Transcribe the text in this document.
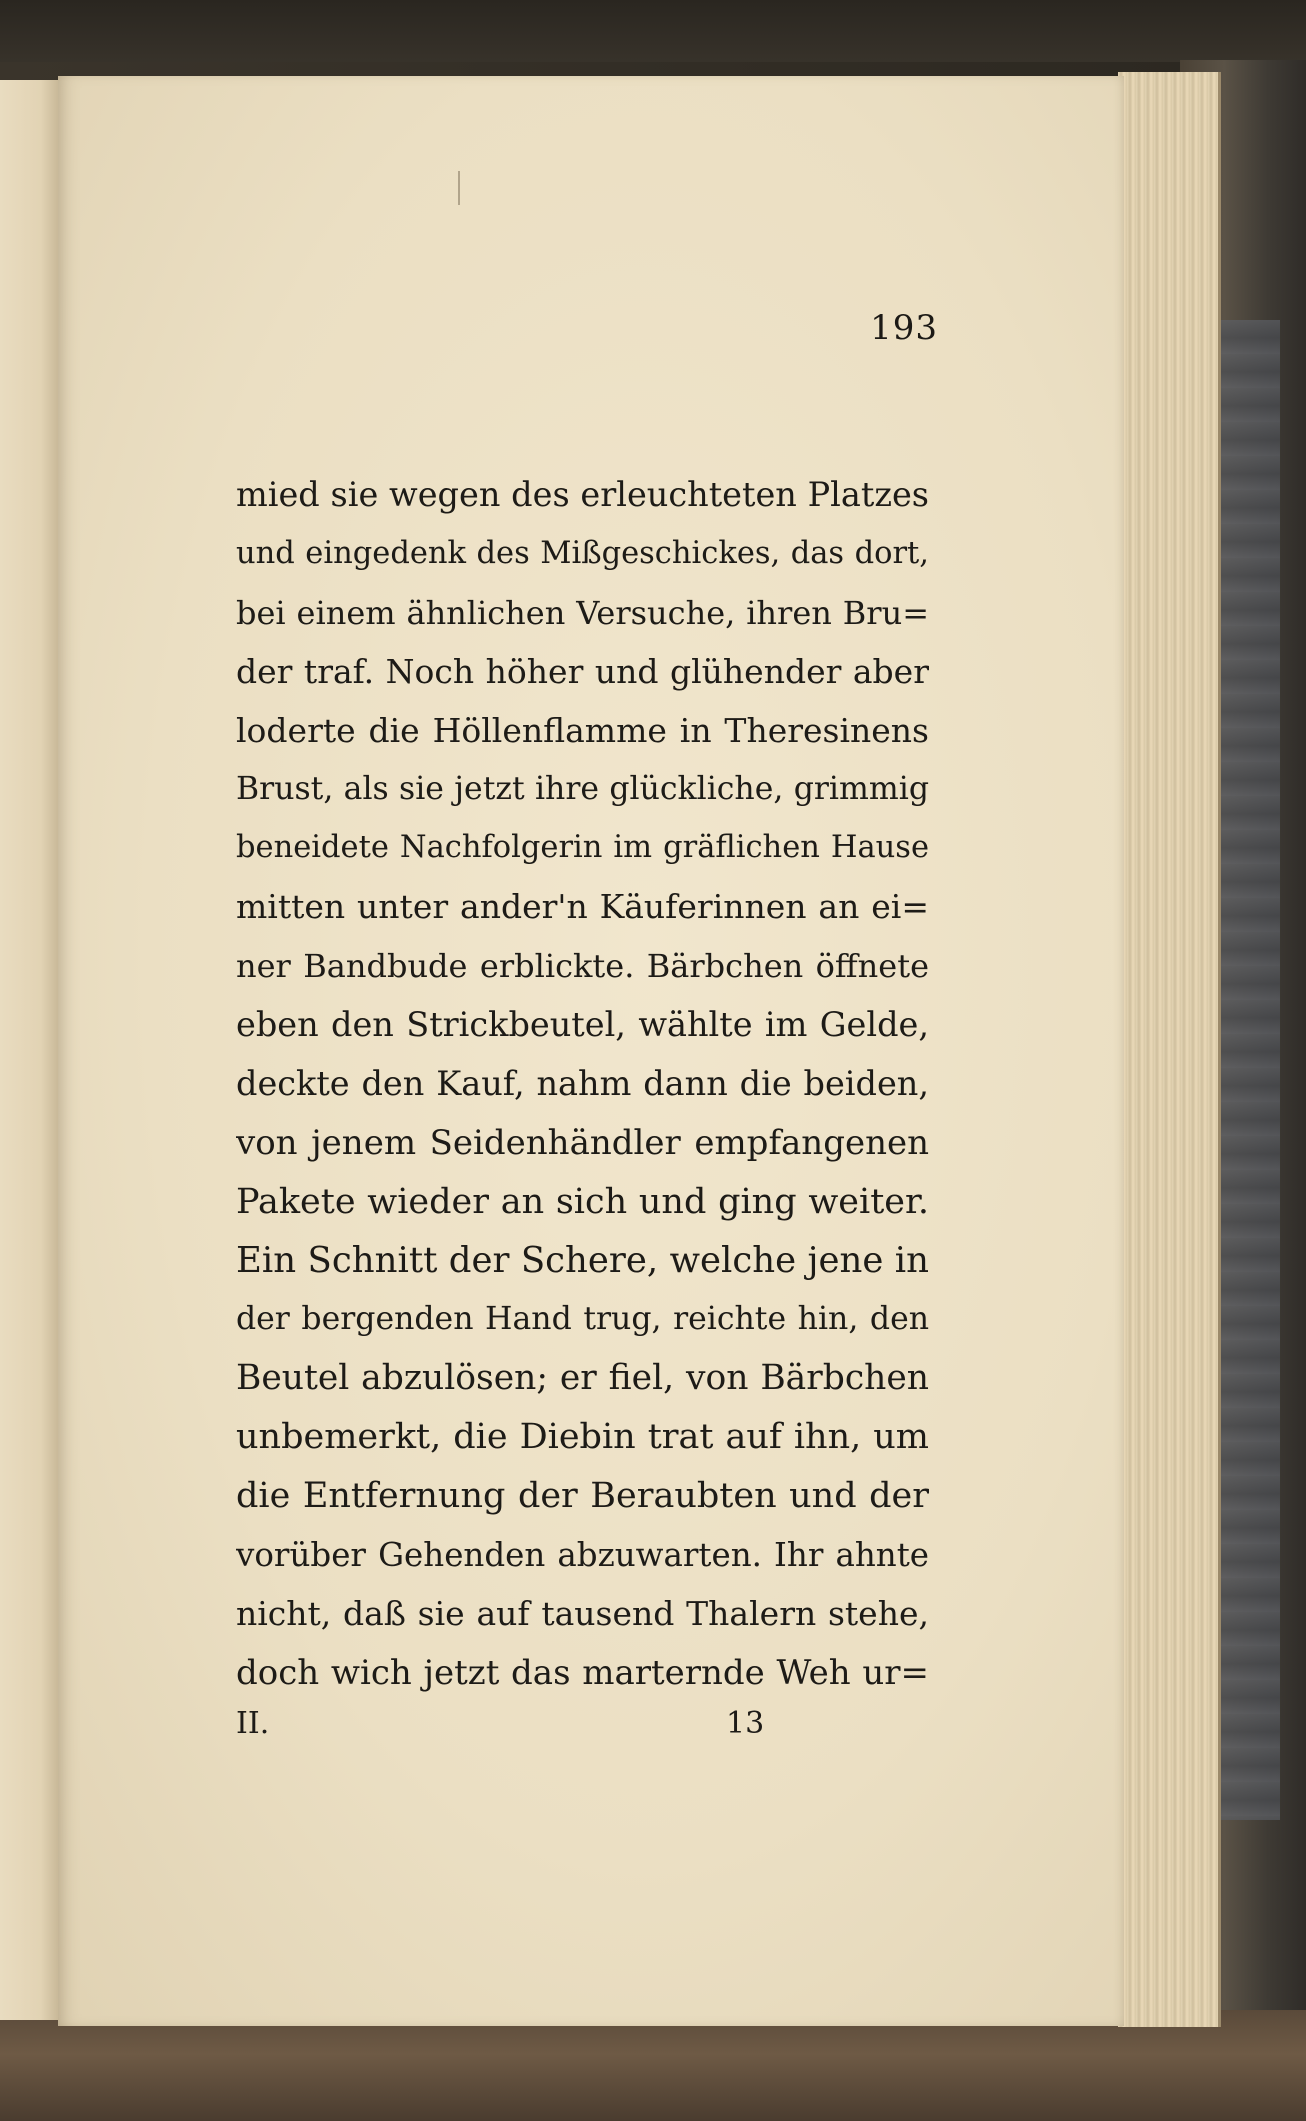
193
mied sie wegen des erleuchteten Platzes
und eingedenk des Mißgeschickes, das dort,
bei einem ähnlichen Versuche, ihren Bru=
der traf. Noch höher und glühender aber
loderte die Höllenflamme in Theresinens
Brust, als sie jetzt ihre glückliche, grimmig
beneidete Nachfolgerin im gräflichen Hause
mitten unter ander'n Käuferinnen an ei=
ner Bandbude erblickte. Bärbchen öffnete
eben den Strickbeutel, wählte im Gelde,
deckte den Kauf, nahm dann die beiden,
von jenem Seidenhändler empfangenen
Pakete wieder an sich und ging weiter.
Ein Schnitt der Schere, welche jene in
der bergenden Hand trug, reichte hin, den
Beutel abzulösen; er fiel, von Bärbchen
unbemerkt, die Diebin trat auf ihn, um
die Entfernung der Beraubten und der
vorüber Gehenden abzuwarten. Ihr ahnte
nicht, daß sie auf tausend Thalern stehe,
doch wich jetzt das marternde Weh ur=
II.	13
